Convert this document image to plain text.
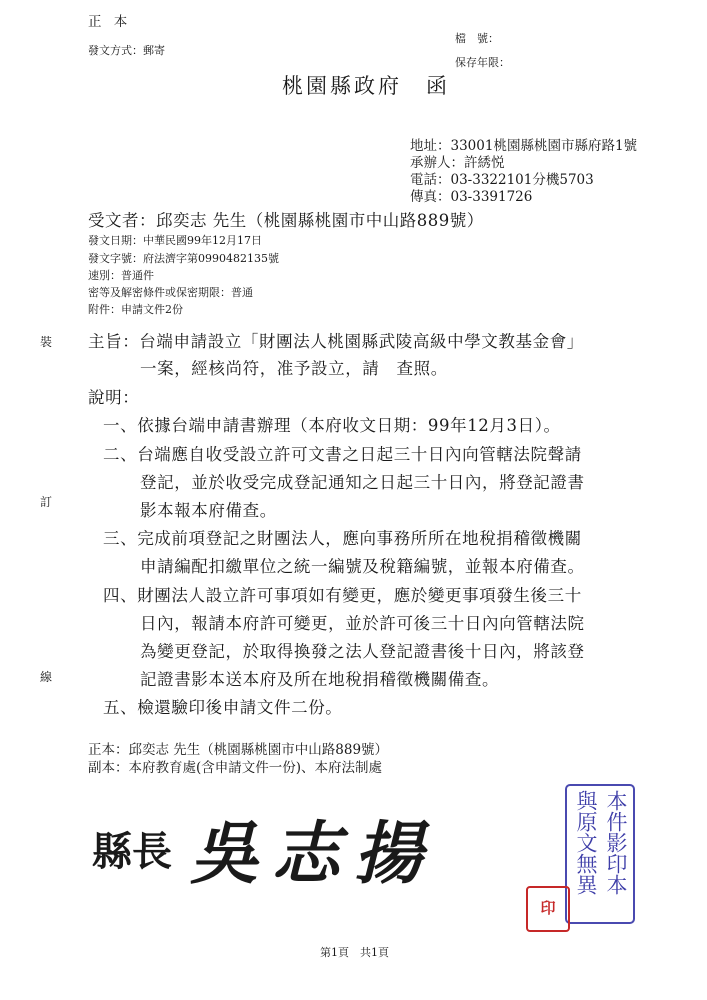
正 本
發文方式：郵寄
檔　號：
保存年限：
桃園縣政府　函
地址：33001桃園縣桃園市縣府路1號
承辦人：許綉悦
電話：03-3322101分機5703
傳真：03-3391726
受文者：邱奕志 先生（桃園縣桃園市中山路889號）
發文日期：中華民國99年12月17日
發文字號：府法濟字第0990482135號
速別：普通件
密等及解密條件或保密期限：普通
附件：申請文件2份
裝
訂
線
主旨：台端申請設立「財團法人桃園縣武陵高級中學文教基金會」
一案，經核尚符，准予設立，請　查照。
說明：
一、依據台端申請書辦理（本府收文日期：99年12月3日）。
二、台端應自收受設立許可文書之日起三十日內向管轄法院聲請
登記，並於收受完成登記通知之日起三十日內，將登記證書
影本報本府備查。
三、完成前項登記之財團法人，應向事務所所在地稅捐稽徵機關
申請編配扣繳單位之統一編號及稅籍編號，並報本府備查。
四、財團法人設立許可事項如有變更，應於變更事項發生後三十
日內，報請本府許可變更，並於許可後三十日內向管轄法院
為變更登記，於取得換發之法人登記證書後十日內，將該登
記證書影本送本府及所在地稅捐稽徵機關備查。
五、檢還驗印後申請文件二份。
正本：邱奕志 先生（桃園縣桃園市中山路889號）
副本：本府教育處(含申請文件一份)、本府法制處
縣長 吳志揚	本件影印本
與原文無異
印
第1頁　共1頁
